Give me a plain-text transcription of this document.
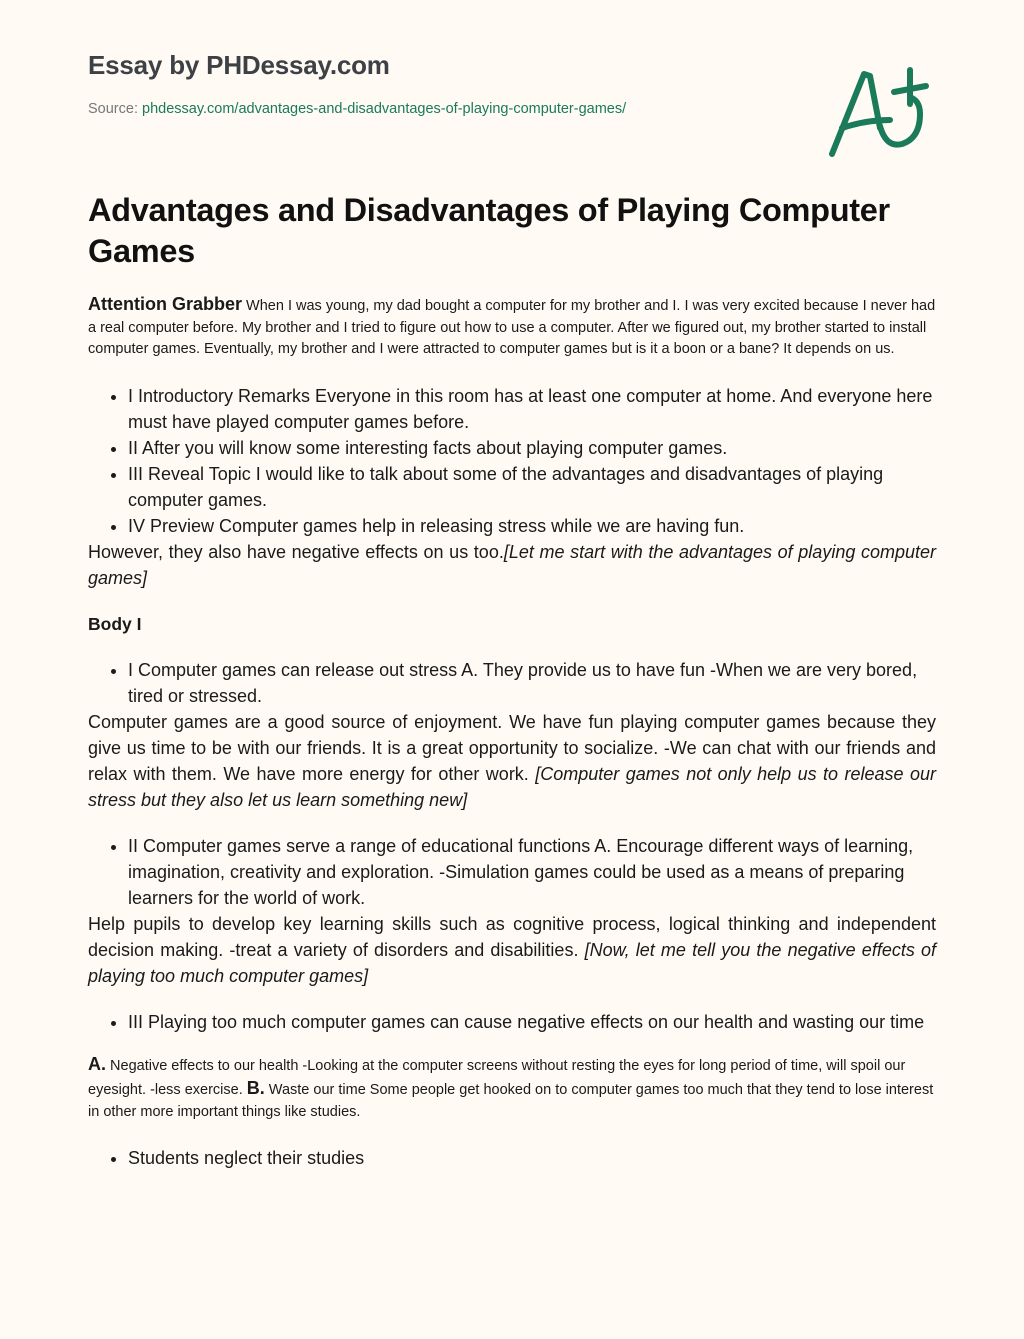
Essay by PHDessay.com
Source: phdessay.com/advantages-and-disadvantages-of-playing-computer-games/
Advantages and Disadvantages of Playing Computer Games

Attention Grabber When I was young, my dad bought a computer for my brother and I. I was very excited because I never had a real computer before. My brother and I tried to figure out how to use a computer. After we figured out, my brother started to install computer games. Eventually, my brother and I were attracted to computer games but is it a boon or a bane? It depends on us.

• I Introductory Remarks Everyone in this room has at least one computer at home. And everyone here must have played computer games before.
• II After you will know some interesting facts about playing computer games.
• III Reveal Topic I would like to talk about some of the advantages and disadvantages of playing computer games.
• IV Preview Computer games help in releasing stress while we are having fun.

However, they also have negative effects on us too.[Let me start with the advantages of playing computer games]

Body I
• I Computer games can release out stress A. They provide us to have fun -When we are very bored, tired or stressed.

Computer games are a good source of enjoyment. We have fun playing computer games because they give us time to be with our friends. It is a great opportunity to socialize. -We can chat with our friends and relax with them. We have more energy for other work. [Computer games not only help us to release our stress but they also let us learn something new]

• II Computer games serve a range of educational functions A. Encourage different ways of learning, imagination, creativity and exploration. -Simulation games could be used as a means of preparing learners for the world of work.

Help pupils to develop key learning skills such as cognitive process, logical thinking and independent decision making. -treat a variety of disorders and disabilities. [Now, let me tell you the negative effects of playing too much computer games]

• III Playing too much computer games can cause negative effects on our health and wasting our time

A. Negative effects to our health -Looking at the computer screens without resting the eyes for long period of time, will spoil our eyesight. -less exercise. B. Waste our time Some people get hooked on to computer games too much that they tend to lose interest in other more important things like studies.

• Students neglect their studies
